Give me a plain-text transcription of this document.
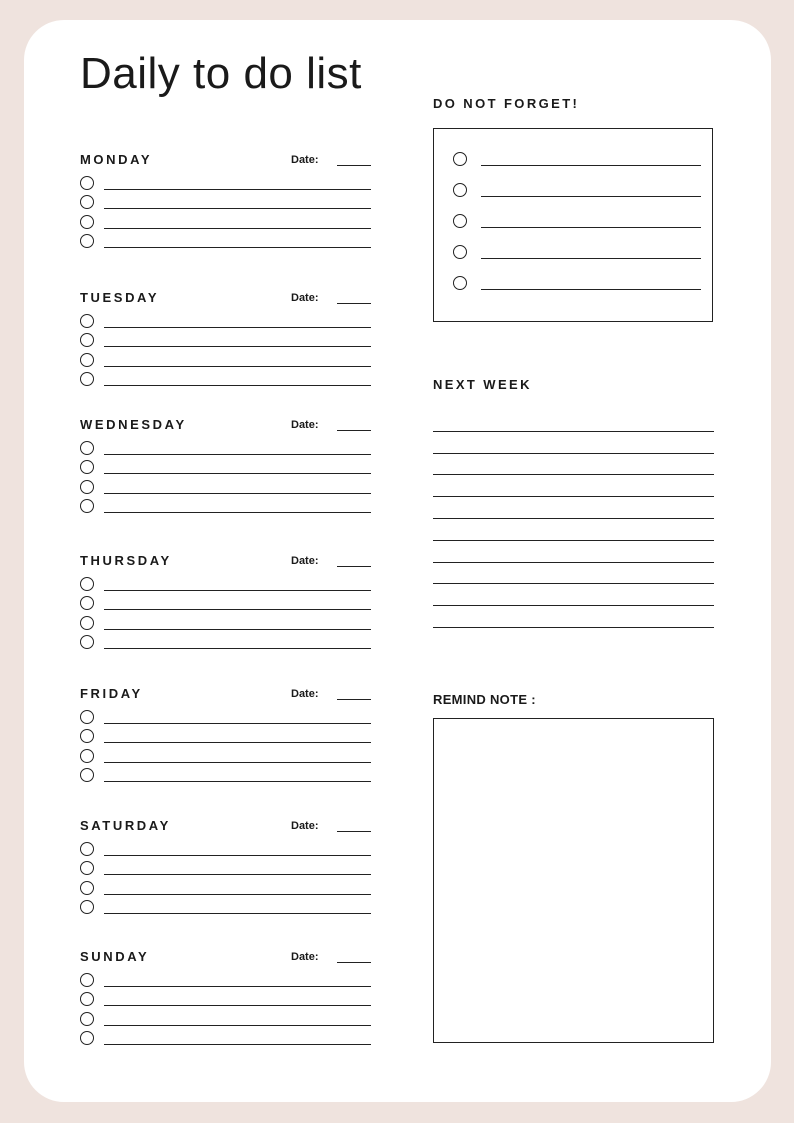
Daily to do list
MONDAY	Date:
TUESDAY	Date:
WEDNESDAY	Date:
THURSDAY	Date:
FRIDAY	Date:
SATURDAY	Date:
SUNDAY	Date:
DO NOT FORGET!
NEXT WEEK
REMIND NOTE :
